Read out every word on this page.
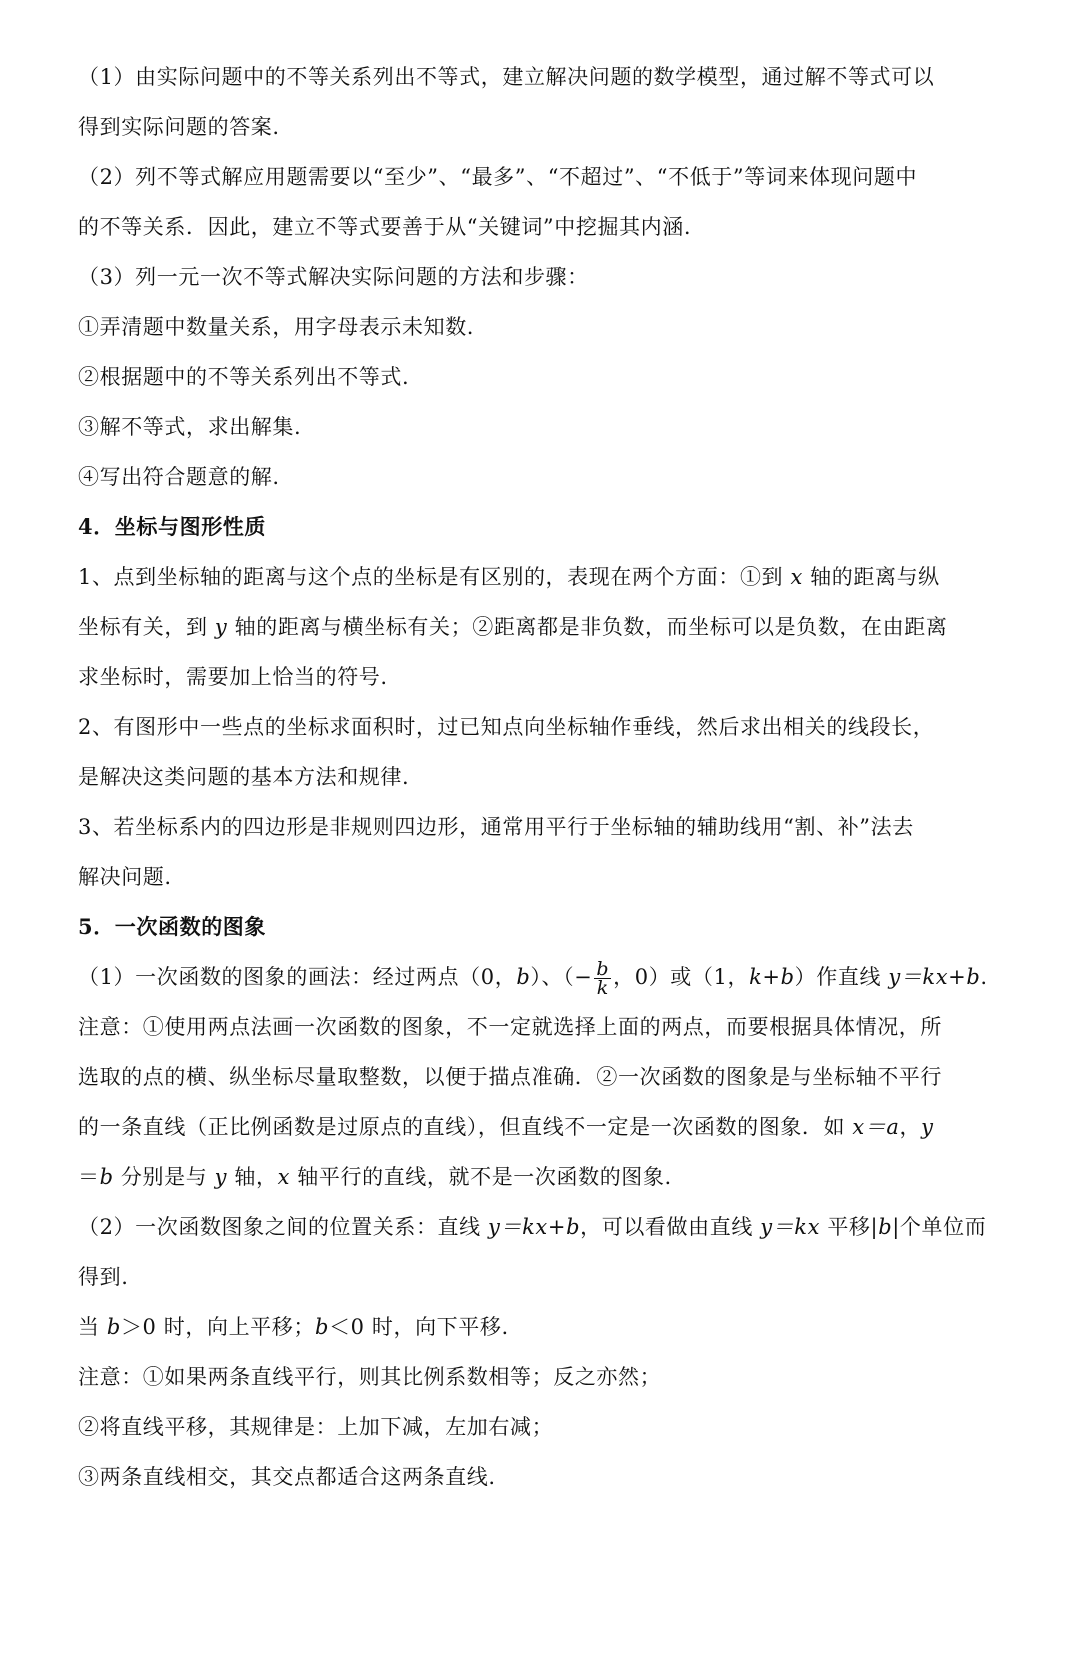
（1）由实际问题中的不等关系列出不等式，建立解决问题的数学模型，通过解不等式可以

得到实际问题的答案.

（2）列不等式解应用题需要以“至少”、“最多”、“不超过”、“不低于”等词来体现问题中

的不等关系．因此，建立不等式要善于从“关键词”中挖掘其内涵.

（3）列一元一次不等式解决实际问题的方法和步骤：

①弄清题中数量关系，用字母表示未知数.

②根据题中的不等关系列出不等式.

③解不等式，求出解集.

④写出符合题意的解.

4．坐标与图形性质

1、点到坐标轴的距离与这个点的坐标是有区别的，表现在两个方面：①到 x 轴的距离与纵

坐标有关，到 y 轴的距离与横坐标有关；②距离都是非负数，而坐标可以是负数，在由距离

求坐标时，需要加上恰当的符号.

2、有图形中一些点的坐标求面积时，过已知点向坐标轴作垂线，然后求出相关的线段长，

是解决这类问题的基本方法和规律.

3、若坐标系内的四边形是非规则四边形，通常用平行于坐标轴的辅助线用“割、补”法去

解决问题.

5．一次函数的图象

（1）一次函数的图象的画法：经过两点（0，b）、（− $\frac{b}{k}$ ，0）或（1，k+b）作直线 y＝kx+b.

注意：①使用两点法画一次函数的图象，不一定就选择上面的两点，而要根据具体情况，所

选取的点的横、纵坐标尽量取整数，以便于描点准确．②一次函数的图象是与坐标轴不平行

的一条直线（正比例函数是过原点的直线），但直线不一定是一次函数的图象．如 x＝a，y

＝b 分别是与 y 轴，x 轴平行的直线，就不是一次函数的图象.

（2）一次函数图象之间的位置关系：直线 y＝kx+b，可以看做由直线 y＝kx 平移|b|个单位而

得到.

当 b＞0 时，向上平移；b＜0 时，向下平移.

注意：①如果两条直线平行，则其比例系数相等；反之亦然；

②将直线平移，其规律是：上加下减，左加右减；

③两条直线相交，其交点都适合这两条直线.
